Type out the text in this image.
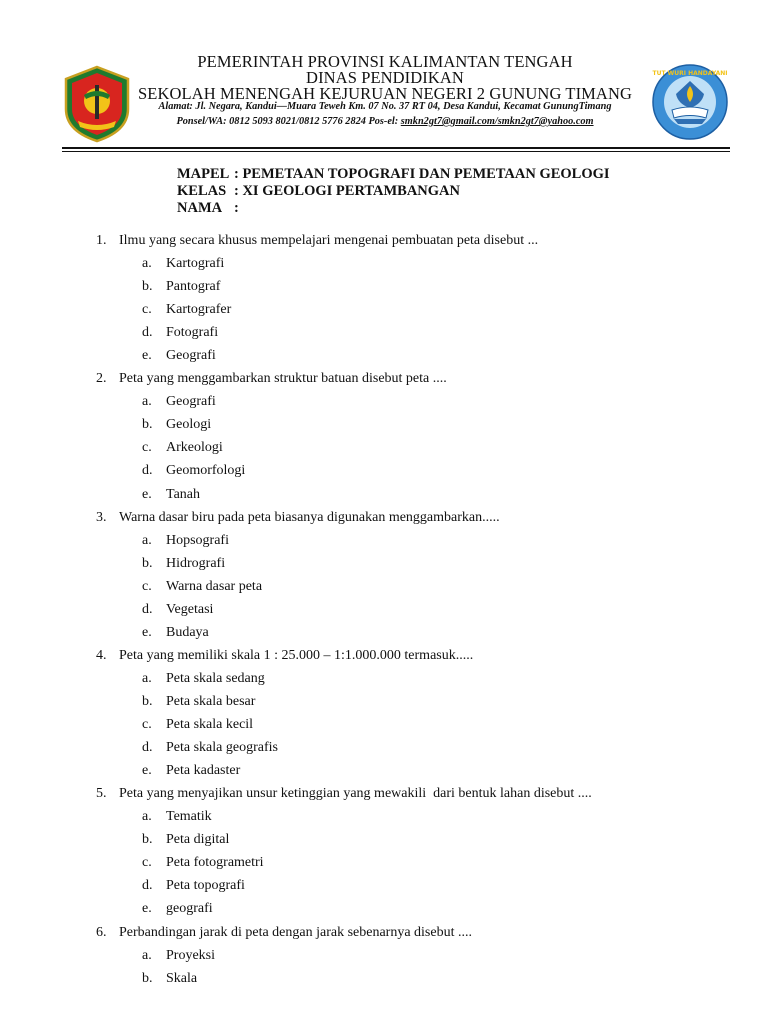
TUT WURI HANDAYANI
PEMERINTAH PROVINSI KALIMANTAN TENGAH
DINAS PENDIDIKAN
SEKOLAH MENENGAH KEJURUAN NEGERI 2 GUNUNG TIMANG
Alamat: Jl. Negara, Kandui—Muara Teweh Km. 07 No. 37 RT 04, Desa Kandui, Kecamat GunungTimang
Ponsel/WA: 0812 5093 8021/0812 5776 2824 Pos-el: smkn2gt7@gmail.com/smkn2gt7@yahoo.com
MAPEL : PEMETAAN TOPOGRAFI DAN PEMETAAN GEOLOGI
KELAS : XI GEOLOGI PERTAMBANGAN
NAMA :
1. Ilmu yang secara khusus mempelajari mengenai pembuatan peta disebut ...
a.	Kartografi
b. Pantograf
c.	Kartografer
d. Fotografi
e.	Geografi
2. Peta yang menggambarkan struktur batuan disebut peta ....
a.	Geografi
b. Geologi
c.	Arkeologi
d. Geomorfologi
e.	Tanah
3. Warna dasar biru pada peta biasanya digunakan menggambarkan.....
a.	Hopsografi
b. Hidrografi
c.	Warna dasar peta
d. Vegetasi
e.	Budaya
4. Peta yang memiliki skala 1 : 25.000 – 1:1.000.000 termasuk.....
a.	Peta skala sedang
b. Peta skala besar
c.	Peta skala kecil
d. Peta skala geografis
e.	Peta kadaster
5. Peta yang menyajikan unsur ketinggian yang mewakili  dari bentuk lahan disebut ....
a.	Tematik
b. Peta digital
c.	Peta fotogrametri
d. Peta topografi
e.	geografi
6. Perbandingan jarak di peta dengan jarak sebenarnya disebut ....
a.	Proyeksi
b. Skala
